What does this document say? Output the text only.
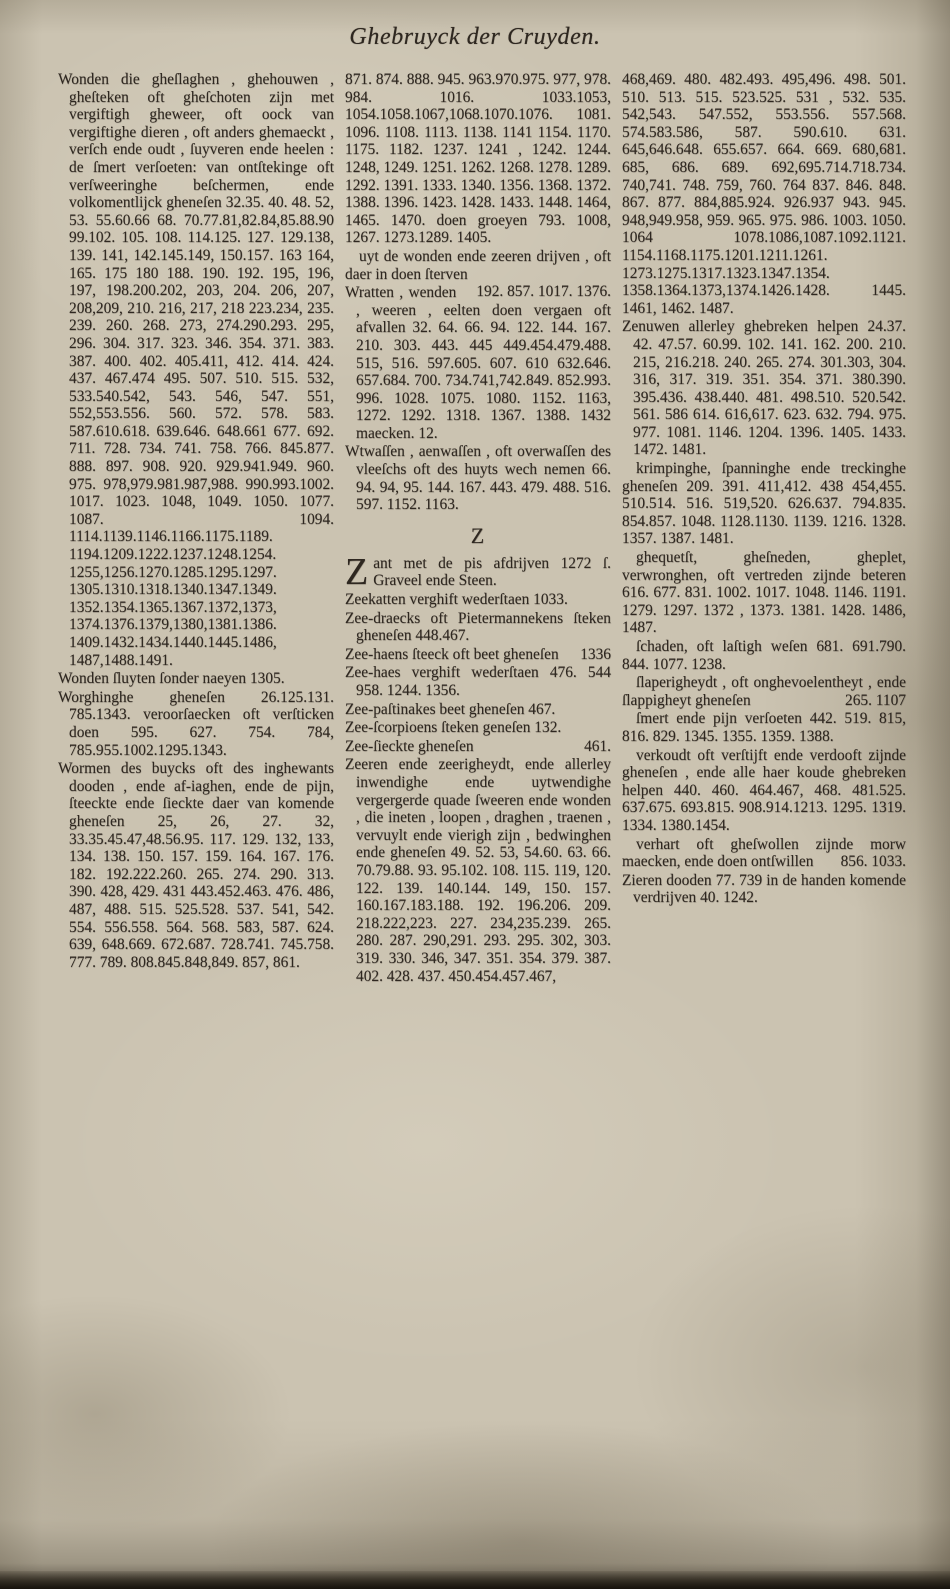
Ghebruyck der Cruyden.

Wonden die gheſlaghen , ghehouwen , gheſteken oft gheſchoten zijn met vergiftigh gheweer, oft oock van vergiftighe dieren , oft anders ghemaeckt , verſch ende oudt , ſuyveren ende heelen : de ſmert verſoeten: van ontſtekinge oft verſweeringhe beſchermen, ende volkomentlijck gheneſen 32.35. 40. 48. 52, 53. 55.60.66 68. 70.77.81,82.84,85.88.90 99.102. 105. 108. 114.125. 127. 129.138, 139. 141, 142.145.149, 150.157. 163 164, 165. 175 180 188. 190. 192. 195, 196, 197, 198.200.202, 203, 204. 206, 207, 208,209, 210. 216, 217, 218 223.234, 235. 239. 260. 268. 273, 274.290.293. 295, 296. 304. 317. 323. 346. 354. 371. 383. 387. 400. 402. 405.411, 412. 414. 424. 437. 467.474 495. 507. 510. 515. 532, 533.540.542, 543. 546, 547. 551, 552,553.556. 560. 572. 578. 583. 587.610.618. 639.646. 648.661 677. 692. 711. 728. 734. 741. 758. 766. 845.877. 888. 897. 908. 920. 929.941.949. 960. 975. 978,979.981.987,988. 990.993.1002. 1017. 1023. 1048, 1049. 1050. 1077. 1087. 1094. 1114.1139.1146.1166.1175.1189. 1194.1209.1222.1237.1248.1254. 1255,1256.1270.1285.1295.1297. 1305.1310.1318.1340.1347.1349. 1352.1354.1365.1367.1372,1373, 1374.1376.1379,1380,1381.1386. 1409.1432.1434.1440.1445.1486, 1487,1488.1491.

Wonden ſluyten ſonder naeyen 1305.

Worghinghe gheneſen 26.125.131. 785.1343. veroorſaecken oft verſticken doen 595. 627. 754. 784, 785.955.1002.1295.1343.

Wormen des buycks oft des inghewants dooden , ende af-iaghen, ende de pijn, ſteeckte ende ſieckte daer van komende gheneſen 25, 26, 27. 32, 33.35.45.47,48.56.95. 117. 129. 132, 133, 134. 138. 150. 157. 159. 164. 167. 176. 182. 192.222.260. 265. 274. 290. 313. 390. 428, 429. 431 443.452.463. 476. 486, 487, 488. 515. 525.528. 537. 541, 542. 554. 556.558. 564. 568. 583, 587. 624. 639, 648.669. 672.687. 728.741. 745.758. 777. 789. 808.845.848,849. 857, 861.

871. 874. 888. 945. 963.970.975. 977, 978. 984. 1016. 1033.1053, 1054.1058.1067,1068.1070.1076. 1081. 1096. 1108. 1113. 1138. 1141 1154. 1170. 1175. 1182. 1237. 1241 , 1242. 1244. 1248, 1249. 1251. 1262. 1268. 1278. 1289. 1292. 1391. 1333. 1340. 1356. 1368. 1372. 1388. 1396. 1423. 1428. 1433. 1448. 1464, 1465. 1470. doen groeyen 793. 1008, 1267. 1273.1289. 1405.

uyt de wonden ende zeeren drijven , oft daer in doen ſterven
192. 857. 1017. 1376.

Wratten , wenden , weeren , eelten doen vergaen oft afvallen 32. 64. 66. 94. 122. 144. 167. 210. 303. 443. 445 449.454.479.488. 515, 516. 597.605. 607. 610 632.646. 657.684. 700. 734.741,742.849. 852.993. 996. 1028. 1075. 1080. 1152. 1163, 1272. 1292. 1318. 1367. 1388. 1432 maecken. 12.

Wtwaſſen , aenwaſſen , oft overwaſſen des vleeſchs oft des huyts wech nemen 66. 94. 94, 95. 144. 167. 443. 479. 488. 516. 597. 1152. 1163.

Z

Zant met de pis afdrijven 1272 ſ. Graveel ende Steen.

Zeekatten verghift wederſtaen 1033.

Zee-draecks oft Pietermannekens ſteken gheneſen 448.467.

Zee-haens ſteeck oft beet gheneſen 1336

Zee-haes verghift wederſtaen 476. 544 958. 1244. 1356.

Zee-paſtinakes beet gheneſen 467.

Zee-ſcorpioens ſteken geneſen 132.

Zee-ſieckte gheneſen	461.

Zeeren ende zeerigheydt, ende allerley inwendighe ende uytwendighe vergergerde quade ſweeren ende wonden , die ineten , loopen , draghen , traenen , vervuylt ende vierigh zijn , bedwinghen ende gheneſen 49. 52. 53, 54.60. 63. 66. 70.79.88. 93. 95.102. 108. 115. 119, 120. 122. 139. 140.144. 149, 150. 157. 160.167.183.188. 192. 196.206. 209. 218.222,223. 227. 234,235.239. 265. 280. 287. 290,291. 293. 295. 302, 303. 319. 330. 346, 347. 351. 354. 379. 387. 402. 428. 437. 450.454.457.467,

468,469. 480. 482.493. 495,496. 498. 501. 510. 513. 515. 523.525. 531 , 532. 535. 542,543. 547.552, 553.556. 557.568. 574.583.586, 587. 590.610. 631. 645,646.648. 655.657. 664. 669. 680,681. 685, 686. 689. 692,695.714.718.734. 740,741. 748. 759, 760. 764 837. 846. 848. 867. 877. 884,885.924. 926.937 943. 945. 948,949.958, 959. 965. 975. 986. 1003. 1050. 1064 1078.1086,1087.1092.1121. 1154.1168.1175.1201.1211.1261. 1273.1275.1317.1323.1347.1354. 1358.1364.1373,1374.1426.1428. 1445. 1461, 1462. 1487.

Zenuwen allerley ghebreken helpen 24.37. 42. 47.57. 60.99. 102. 141. 162. 200. 210. 215, 216.218. 240. 265. 274. 301.303, 304. 316, 317. 319. 351. 354. 371. 380.390. 395.436. 438.440. 481. 498.510. 520.542. 561. 586 614. 616,617. 623. 632. 794. 975. 977. 1081. 1146. 1204. 1396. 1405. 1433. 1472. 1481.

krimpinghe, ſpanninghe ende treckinghe gheneſen 209. 391. 411,412. 438 454,455. 510.514. 516. 519,520. 626.637. 794.835. 854.857. 1048. 1128.1130. 1139. 1216. 1328. 1357. 1387. 1481.

ghequetſt, gheſneden, gheplet, verwronghen, oft vertreden zijnde beteren 616. 677. 831. 1002. 1017. 1048. 1146. 1191. 1279. 1297. 1372 , 1373. 1381. 1428. 1486, 1487.

ſchaden, oft laſtigh weſen 681. 691.790. 844. 1077. 1238.

ſlaperigheydt , oft onghevoelentheyt , ende ſlappigheyt gheneſen	265. 1107

ſmert ende pijn verſoeten 442. 519. 815, 816. 829. 1345. 1355. 1359. 1388.

verkoudt oft verſtijft ende verdooft zijnde gheneſen , ende alle haer koude ghebreken helpen 440. 460. 464.467, 468. 481.525. 637.675. 693.815. 908.914.1213. 1295. 1319. 1334. 1380.1454.

verhart oft gheſwollen zijnde morw maecken, ende doen ontſwillen	856. 1033.

Zieren dooden 77. 739 in de handen komende verdrijven 40. 1242.
